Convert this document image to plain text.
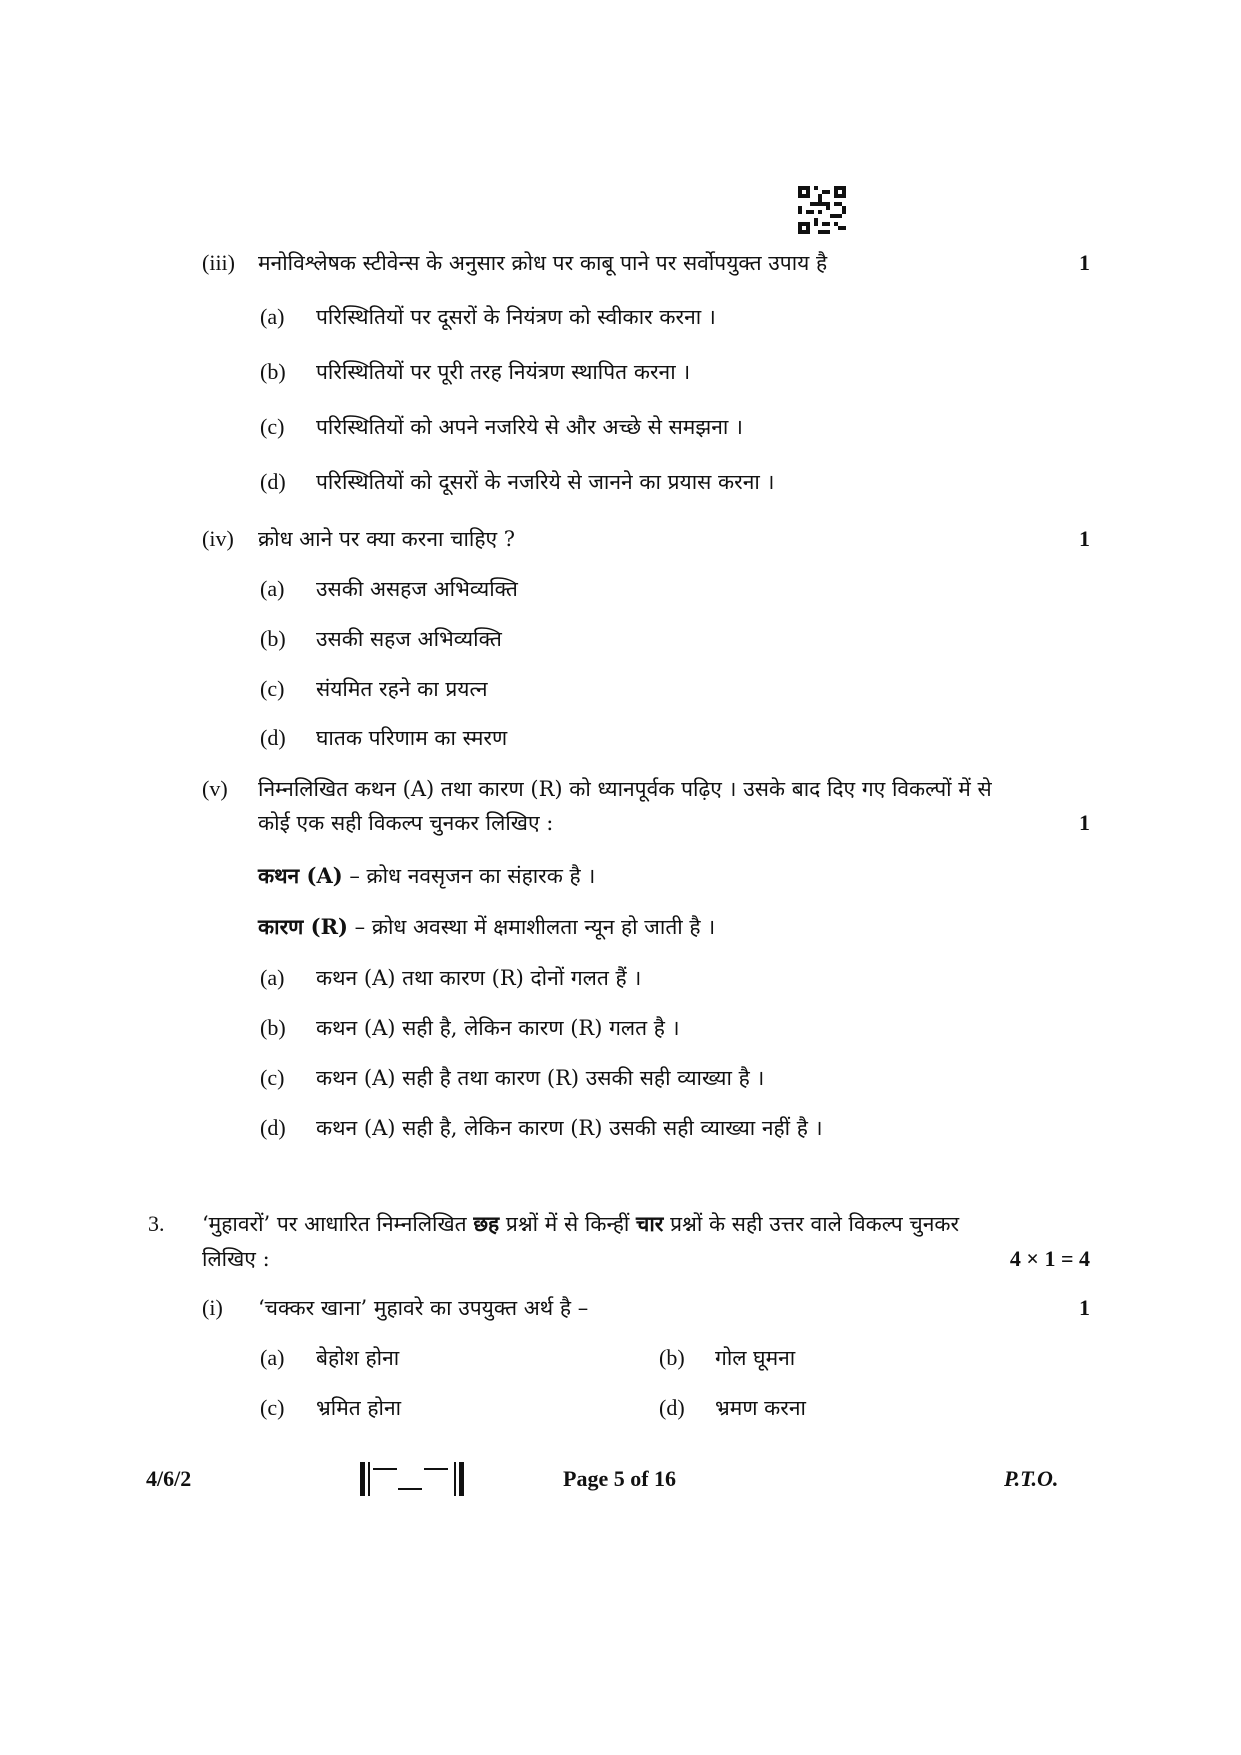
(iii) मनोविश्लेषक स्टीवेन्स के अनुसार क्रोध पर काबू पाने पर सर्वोपयुक्त उपाय है	1
(a) परिस्थितियों पर दूसरों के नियंत्रण को स्वीकार करना ।
(b) परिस्थितियों पर पूरी तरह नियंत्रण स्थापित करना ।
(c) परिस्थितियों को अपने नजरिये से और अच्छे से समझना ।
(d) परिस्थितियों को दूसरों के नजरिये से जानने का प्रयास करना ।
(iv) क्रोध आने पर क्या करना चाहिए ?	1
(a) उसकी असहज अभिव्यक्ति
(b) उसकी सहज अभिव्यक्ति
(c) संयमित रहने का प्रयत्न
(d) घातक परिणाम का स्मरण
(v) निम्नलिखित कथन (A) तथा कारण (R) को ध्यानपूर्वक पढ़िए । उसके बाद दिए गए विकल्पों में से
कोई एक सही विकल्प चुनकर लिखिए :	1
कथन (A) – क्रोध नवसृजन का संहारक है ।
कारण (R) – क्रोध अवस्था में क्षमाशीलता न्यून हो जाती है ।
(a) कथन (A) तथा कारण (R) दोनों गलत हैं ।
(b) कथन (A) सही है, लेकिन कारण (R) गलत है ।
(c) कथन (A) सही है तथा कारण (R) उसकी सही व्याख्या है ।
(d) कथन (A) सही है, लेकिन कारण (R) उसकी सही व्याख्या नहीं है ।
3. ‘मुहावरों’ पर आधारित निम्नलिखित छह प्रश्नों में से किन्हीं चार प्रश्नों के सही उत्तर वाले विकल्प चुनकर
लिखिए :	4 × 1 = 4
(i) ‘चक्कर खाना’ मुहावरे का उपयुक्त अर्थ है –	1
(a) बेहोश होना	(b) गोल घूमना
(c) भ्रमित होना	(d) भ्रमण करना
4/6/2	Page 5 of 16	P.T.O.
